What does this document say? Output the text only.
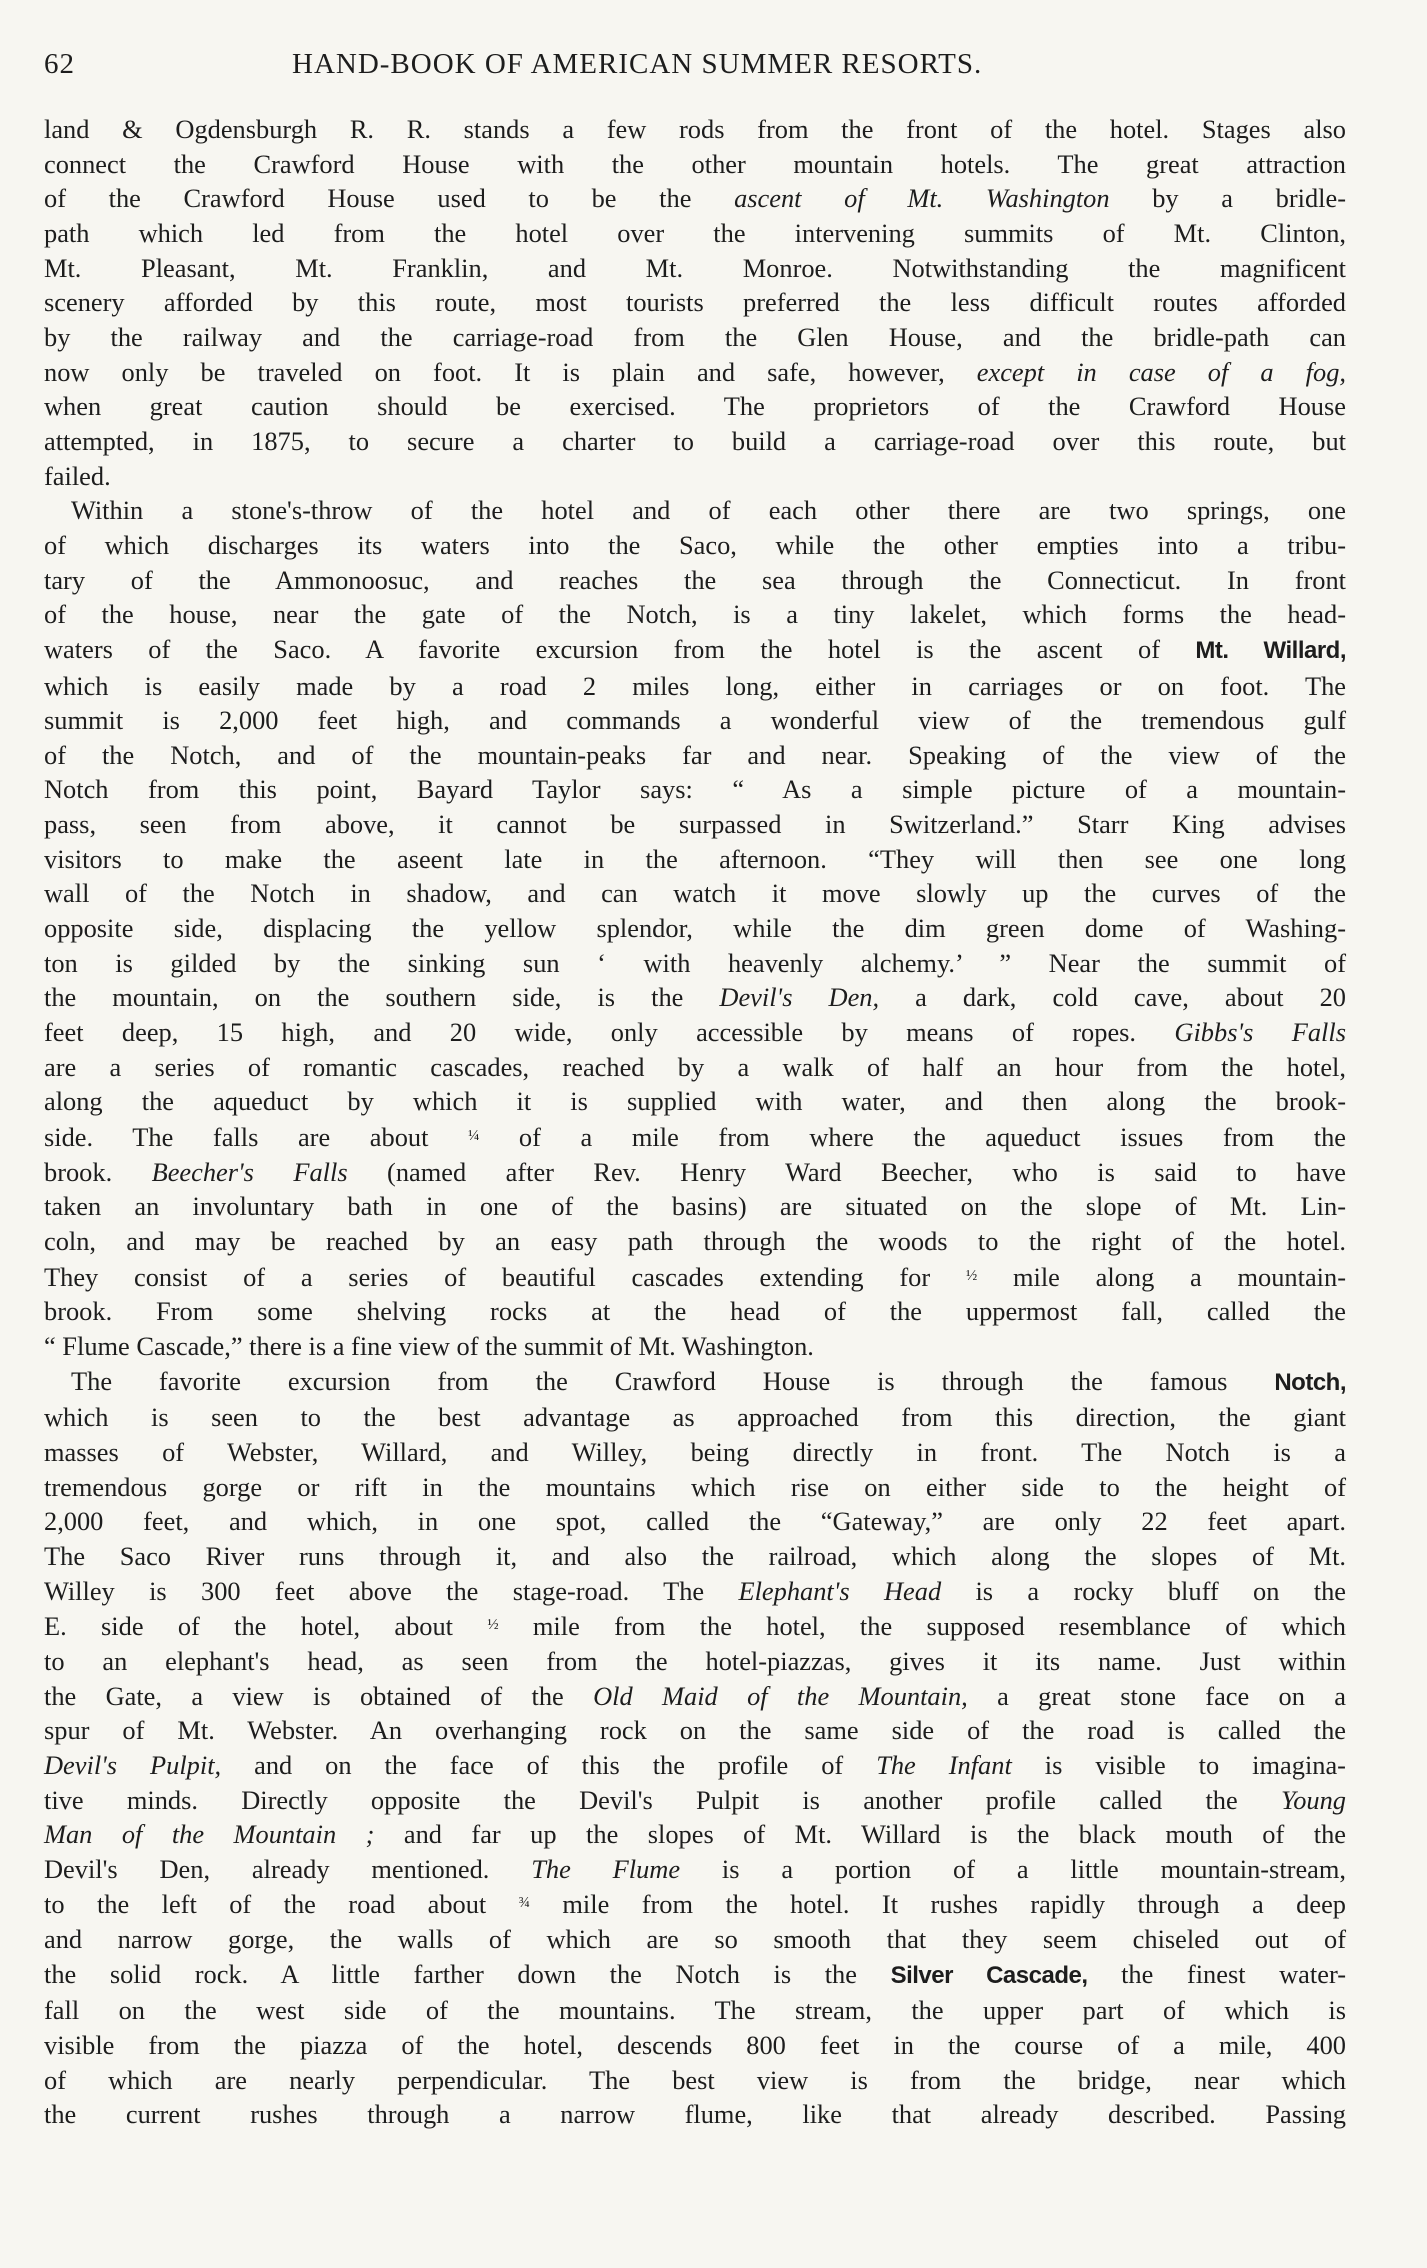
62	HAND-BOOK OF AMERICAN SUMMER RESORTS.
land & Ogdensburgh R. R. stands a few rods from the front of the hotel. Stages also
connect the Crawford House with the other mountain hotels. The great attraction
of the Crawford House used to be the ascent of Mt. Washington by a bridle-
path which led from the hotel over the intervening summits of Mt. Clinton,
Mt. Pleasant, Mt. Franklin, and Mt. Monroe. Notwithstanding the magnificent
scenery afforded by this route, most tourists preferred the less difficult routes afforded
by the railway and the carriage-road from the Glen House, and the bridle-path can
now only be traveled on foot. It is plain and safe, however, except in case of a fog,
when great caution should be exercised. The proprietors of the Crawford House
attempted, in 1875, to secure a charter to build a carriage-road over this route, but
failed.
Within a stone's-throw of the hotel and of each other there are two springs, one
of which discharges its waters into the Saco, while the other empties into a tribu-
tary of the Ammonoosuc, and reaches the sea through the Connecticut. In front
of the house, near the gate of the Notch, is a tiny lakelet, which forms the head-
waters of the Saco. A favorite excursion from the hotel is the ascent of Mt. Willard,
which is easily made by a road 2 miles long, either in carriages or on foot. The
summit is 2,000 feet high, and commands a wonderful view of the tremendous gulf
of the Notch, and of the mountain-peaks far and near. Speaking of the view of the
Notch from this point, Bayard Taylor says: “ As a simple picture of a mountain-
pass, seen from above, it cannot be surpassed in Switzerland.” Starr King advises
visitors to make the aseent late in the afternoon. “They will then see one long
wall of the Notch in shadow, and can watch it move slowly up the curves of the
opposite side, displacing the yellow splendor, while the dim green dome of Washing-
ton is gilded by the sinking sun ‘ with heavenly alchemy.’ ” Near the summit of
the mountain, on the southern side, is the Devil's Den, a dark, cold cave, about 20
feet deep, 15 high, and 20 wide, only accessible by means of ropes. Gibbs's Falls
are a series of romantic cascades, reached by a walk of half an hour from the hotel,
along the aqueduct by which it is supplied with water, and then along the brook-
side. The falls are about $^{\frac{1}{4}}$ of a mile from where the aqueduct issues from the
brook. Beecher's Falls (named after Rev. Henry Ward Beecher, who is said to have
taken an involuntary bath in one of the basins) are situated on the slope of Mt. Lin-
coln, and may be reached by an easy path through the woods to the right of the hotel.
They consist of a series of beautiful cascades extending for $^{\frac{1}{2}}$ mile along a mountain-
brook. From some shelving rocks at the head of the uppermost fall, called the
“ Flume Cascade,” there is a fine view of the summit of Mt. Washington.
The favorite excursion from the Crawford House is through the famous Notch,
which is seen to the best advantage as approached from this direction, the giant
masses of Webster, Willard, and Willey, being directly in front. The Notch is a
tremendous gorge or rift in the mountains which rise on either side to the height of
2,000 feet, and which, in one spot, called the “Gateway,” are only 22 feet apart.
The Saco River runs through it, and also the railroad, which along the slopes of Mt.
Willey is 300 feet above the stage-road. The Elephant's Head is a rocky bluff on the
E. side of the hotel, about $^{\frac{1}{2}}$ mile from the hotel, the supposed resemblance of which
to an elephant's head, as seen from the hotel-piazzas, gives it its name. Just within
the Gate, a view is obtained of the Old Maid of the Mountain, a great stone face on a
spur of Mt. Webster. An overhanging rock on the same side of the road is called the
Devil's Pulpit, and on the face of this the profile of The Infant is visible to imagina-
tive minds. Directly opposite the Devil's Pulpit is another profile called the Young
Man of the Mountain ; and far up the slopes of Mt. Willard is the black mouth of the
Devil's Den, already mentioned. The Flume is a portion of a little mountain-stream,
to the left of the road about $^{\frac{3}{4}}$ mile from the hotel. It rushes rapidly through a deep
and narrow gorge, the walls of which are so smooth that they seem chiseled out of
the solid rock. A little farther down the Notch is the Silver Cascade, the finest water-
fall on the west side of the mountains. The stream, the upper part of which is
visible from the piazza of the hotel, descends 800 feet in the course of a mile, 400
of which are nearly perpendicular. The best view is from the bridge, near which
the current rushes through a narrow flume, like that already described. Passing
